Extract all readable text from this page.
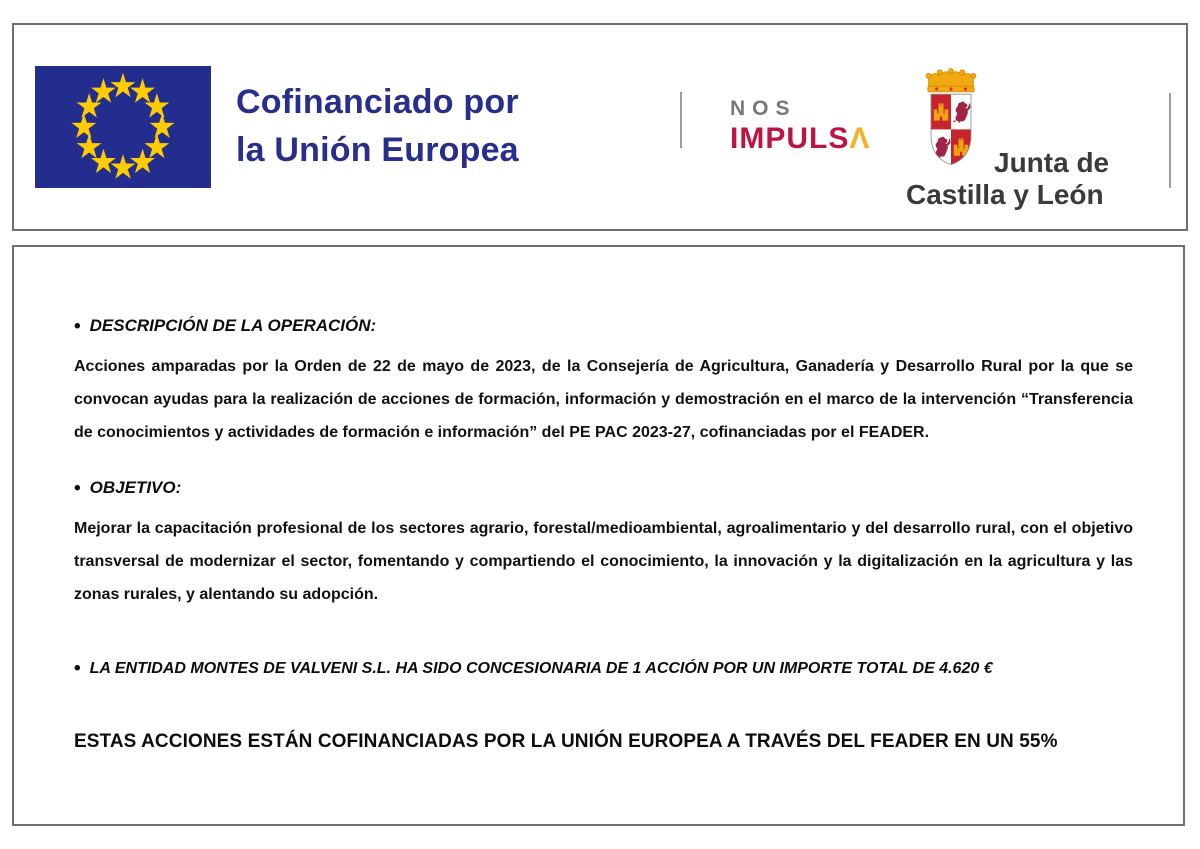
Cofinanciado por
la Unión Europea
NOS
IMPULSΛ
Junta de
Castilla y León
• DESCRIPCIÓN DE LA OPERACIÓN:

Acciones amparadas por la Orden de 22 de mayo de 2023, de la Consejería de Agricultura, Ganadería y Desarrollo Rural por la que se convocan ayudas para la realización de acciones de formación, información y demostración en el marco de la intervención “Transferencia de conocimientos y actividades de formación e información” del PE PAC 2023-27, cofinanciadas por el FEADER.

• OBJETIVO:

Mejorar la capacitación profesional de los sectores agrario, forestal/medioambiental, agroalimentario y del desarrollo rural, con el objetivo transversal de modernizar el sector, fomentando y compartiendo el conocimiento, la innovación y la digitalización en la agricultura y las zonas rurales, y alentando su adopción.

• LA ENTIDAD MONTES DE VALVENI S.L. HA SIDO CONCESIONARIA DE 1 ACCIÓN POR UN IMPORTE TOTAL DE 4.620 €
ESTAS ACCIONES ESTÁN COFINANCIADAS POR LA UNIÓN EUROPEA A TRAVÉS DEL FEADER EN UN 55%
